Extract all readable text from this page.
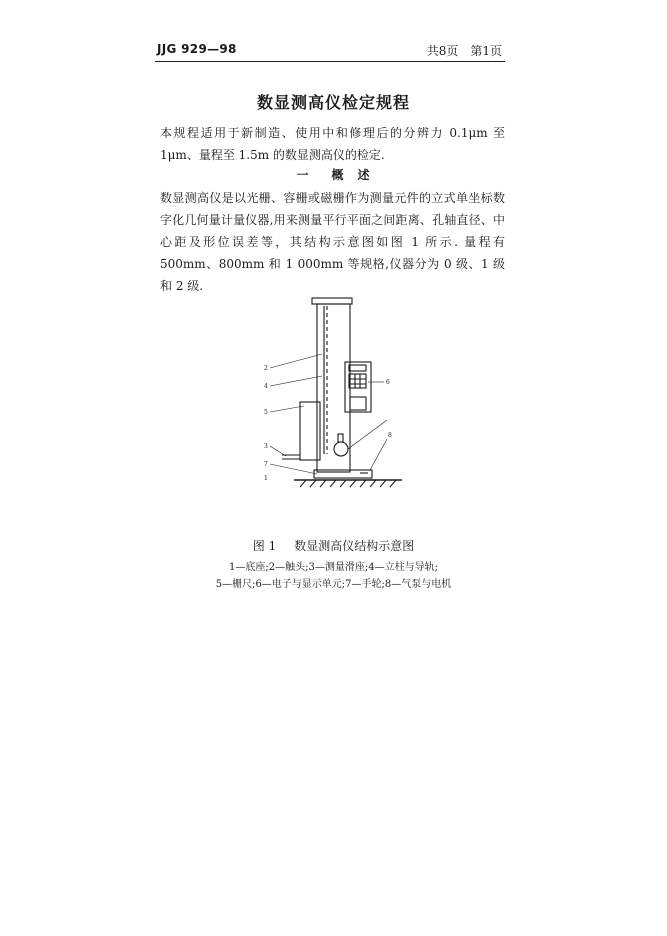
JJG 929—98	共8页 第1页
数显测高仪检定规程
本规程适用于新制造、使用中和修理后的分辨力 0.1μm 至 1μm、量程至 1.5m 的数显测高仪的检定.
一 概　述
数显测高仪是以光栅、容栅或磁栅作为测量元件的立式单坐标数字化几何量计量仪器,用来测量平行平面之间距离、孔轴直径、中心距及形位误差等，其结构示意图如图 1 所示. 量程有 500mm、800mm 和 1 000mm 等规格,仪器分为 0 级、1 级和 2 级.
2
4
5
3
7
1
6
8
图 1 数显测高仪结构示意图
1—底座;2—触头;3—测量滑座;4—立柱与导轨;
5—栅尺;6—电子与显示单元;7—手轮;8—气泵与电机
